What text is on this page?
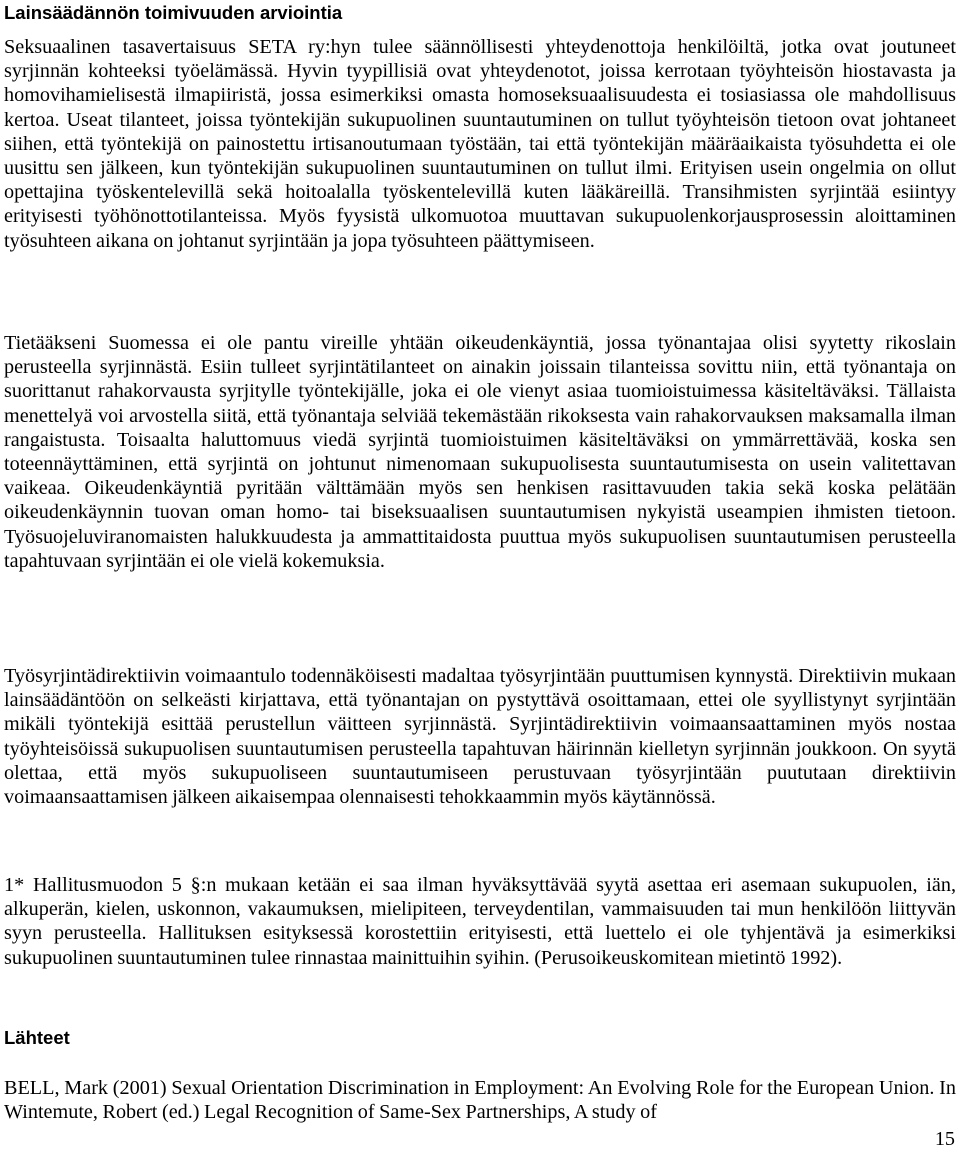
Lainsäädännön toimivuuden arviointia

Seksuaalinen tasavertaisuus SETA ry:hyn tulee säännöllisesti yhteydenottoja henkilöiltä, jotka ovat joutuneet syrjinnän kohteeksi työelämässä. Hyvin tyypillisiä ovat yhteydenotot, joissa kerrotaan työyhteisön hiostavasta ja homovihamielisestä ilmapiiristä, jossa esimerkiksi omasta homoseksuaalisuudesta ei tosiasiassa ole mahdollisuus kertoa. Useat tilanteet, joissa työntekijän sukupuolinen suuntautuminen on tullut työyhteisön tietoon ovat johtaneet siihen, että työntekijä on painostettu irtisanoutumaan työstään, tai että työntekijän määräaikaista työsuhdetta ei ole uusittu sen jälkeen, kun työntekijän sukupuolinen suuntautuminen on tullut ilmi. Erityisen usein ongelmia on ollut opettajina työskentelevillä sekä hoitoalalla työskentelevillä kuten lääkäreillä. Transihmisten syrjintää esiintyy erityisesti työhönottotilanteissa. Myös fyysistä ulkomuotoa muuttavan sukupuolenkorjausprosessin aloittaminen työsuhteen aikana on johtanut syrjintään ja jopa työsuhteen päättymiseen.

Tietääkseni Suomessa ei ole pantu vireille yhtään oikeudenkäyntiä, jossa työnantajaa olisi syytetty rikoslain perusteella syrjinnästä. Esiin tulleet syrjintätilanteet on ainakin joissain tilanteissa sovittu niin, että työnantaja on suorittanut rahakorvausta syrjitylle työntekijälle, joka ei ole vienyt asiaa tuomioistuimessa käsiteltäväksi. Tällaista menettelyä voi arvostella siitä, että työnantaja selviää tekemästään rikoksesta vain rahakorvauksen maksamalla ilman rangaistusta. Toisaalta haluttomuus viedä syrjintä tuomioistuimen käsiteltäväksi on ymmärrettävää, koska sen toteennäyttäminen, että syrjintä on johtunut nimenomaan sukupuolisesta suuntautumisesta on usein valitettavan vaikeaa. Oikeudenkäyntiä pyritään välttämään myös sen henkisen rasittavuuden takia sekä koska pelätään oikeudenkäynnin tuovan oman homo- tai biseksuaalisen suuntautumisen nykyistä useampien ihmisten tietoon. Työsuojeluviranomaisten halukkuudesta ja ammattitaidosta puuttua myös sukupuolisen suuntautumisen perusteella tapahtuvaan syrjintään ei ole vielä kokemuksia.

Työsyrjintädirektiivin voimaantulo todennäköisesti madaltaa työsyrjintään puuttumisen kynnystä. Direktiivin mukaan lainsäädäntöön on selkeästi kirjattava, että työnantajan on pystyttävä osoittamaan, ettei ole syyllistynyt syrjintään mikäli työntekijä esittää perustellun väitteen syrjinnästä. Syrjintädirektiivin voimaansaattaminen myös nostaa työyhteisöissä sukupuolisen suuntautumisen perusteella tapahtuvan häirinnän kielletyn syrjinnän joukkoon. On syytä olettaa, että myös sukupuoliseen suuntautumiseen perustuvaan työsyrjintään puututaan direktiivin voimaansaattamisen jälkeen aikaisempaa olennaisesti tehokkaammin myös käytännössä.

1* Hallitusmuodon 5 §:n mukaan ketään ei saa ilman hyväksyttävää syytä asettaa eri asemaan sukupuolen, iän, alkuperän, kielen, uskonnon, vakaumuksen, mielipiteen, terveydentilan, vammaisuuden tai mun henkilöön liittyvän syyn perusteella. Hallituksen esityksessä korostettiin erityisesti, että luettelo ei ole tyhjentävä ja esimerkiksi sukupuolinen suuntautuminen tulee rinnastaa mainittuihin syihin. (Perusoikeuskomitean mietintö 1992).

Lähteet

BELL, Mark (2001) Sexual Orientation Discrimination in Employment: An Evolving Role for the European Union. In Wintemute, Robert (ed.) Legal Recognition of Same-Sex Partnerships, A study of

15
